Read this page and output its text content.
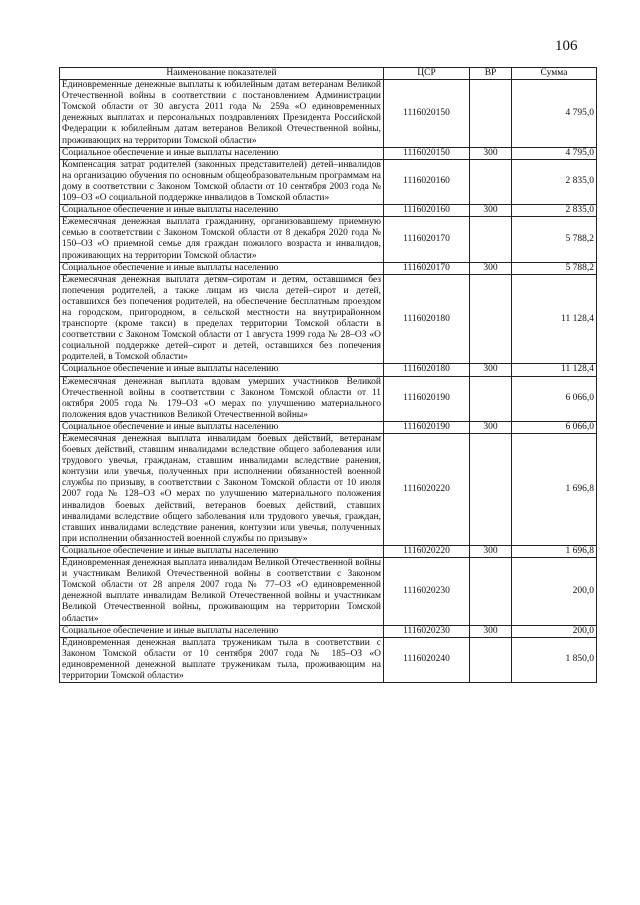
106
Наименование показателей	ЦСР	ВР	Сумма
Единовременные денежные выплаты к юбилейным датам ветеранам Великой Отечественной войны в соответствии с постановлением Администрации Томской области от 30 августа 2011 года № 259а «О единовременных денежных выплатах и персональных поздравлениях Президента Российской Федерации к юбилейным датам ветеранов Великой Отечественной войны, проживающих на территории Томской области»	1116020150		4 795,0
Социальное обеспечение и иные выплаты населению	1116020150	300	4 795,0
Компенсация затрат родителей (законных представителей) детей–инвалидов на организацию обучения по основным общеобразовательным программам на дому в соответствии с Законом Томской области от 10 сентября 2003 года № 109–ОЗ «О социальной поддержке инвалидов в Томской области»	1116020160		2 835,0
Социальное обеспечение и иные выплаты населению	1116020160	300	2 835,0
Ежемесячная денежная выплата гражданину, организовавшему приемную семью в соответствии с Законом Томской области от 8 декабря 2020 года № 150–ОЗ «О приемной семье для граждан пожилого возраста и инвалидов, проживающих на территории Томской области»	1116020170		5 788,2
Социальное обеспечение и иные выплаты населению	1116020170	300	5 788,2
Ежемесячная денежная выплата детям–сиротам и детям, оставшимся без попечения родителей, а также лицам из числа детей–сирот и детей, оставшихся без попечения родителей, на обеспечение бесплатным проездом на городском, пригородном, в сельской местности на внутрирайонном транспорте (кроме такси) в пределах территории Томской области в соответствии с Законом Томской области от 1 августа 1999 года № 28–ОЗ «О социальной поддержке детей–сирот и детей, оставшихся без попечения родителей, в Томской области»	1116020180		11 128,4
Социальное обеспечение и иные выплаты населению	1116020180	300	11 128,4
Ежемесячная денежная выплата вдовам умерших участников Великой Отечественной войны в соответствии с Законом Томской области от 11 октября 2005 года № 179–ОЗ «О мерах по улучшению материального положения вдов участников Великой Отечественной войны»	1116020190		6 066,0
Социальное обеспечение и иные выплаты населению	1116020190	300	6 066,0
Ежемесячная денежная выплата инвалидам боевых действий, ветеранам боевых действий, ставшим инвалидами вследствие общего заболевания или трудового увечья, гражданам, ставшим инвалидами вследствие ранения, контузии или увечья, полученных при исполнении обязанностей военной службы по призыву, в соответствии с Законом Томской области от 10 июля 2007 года № 128–ОЗ «О мерах по улучшению материального положения инвалидов боевых действий, ветеранов боевых действий, ставших инвалидами вследствие общего заболевания или трудового увечья, граждан, ставших инвалидами вследствие ранения, контузии или увечья, полученных при исполнении обязанностей военной службы по призыву»	1116020220		1 696,8
Социальное обеспечение и иные выплаты населению	1116020220	300	1 696,8
Единовременная денежная выплата инвалидам Великой Отечественной войны и участникам Великой Отечественной войны в соответствии с Законом Томской области от 28 апреля 2007 года № 77–ОЗ «О единовременной денежной выплате инвалидам Великой Отечественной войны и участникам Великой Отечественной войны, проживающим на территории Томской области»	1116020230		200,0
Социальное обеспечение и иные выплаты населению	1116020230	300	200,0
Единовременная денежная выплата труженикам тыла в соответствии с Законом Томской области от 10 сентября 2007 года № 185–ОЗ «О единовременной денежной выплате труженикам тыла, проживающим на территории Томской области»	1116020240		1 850,0
